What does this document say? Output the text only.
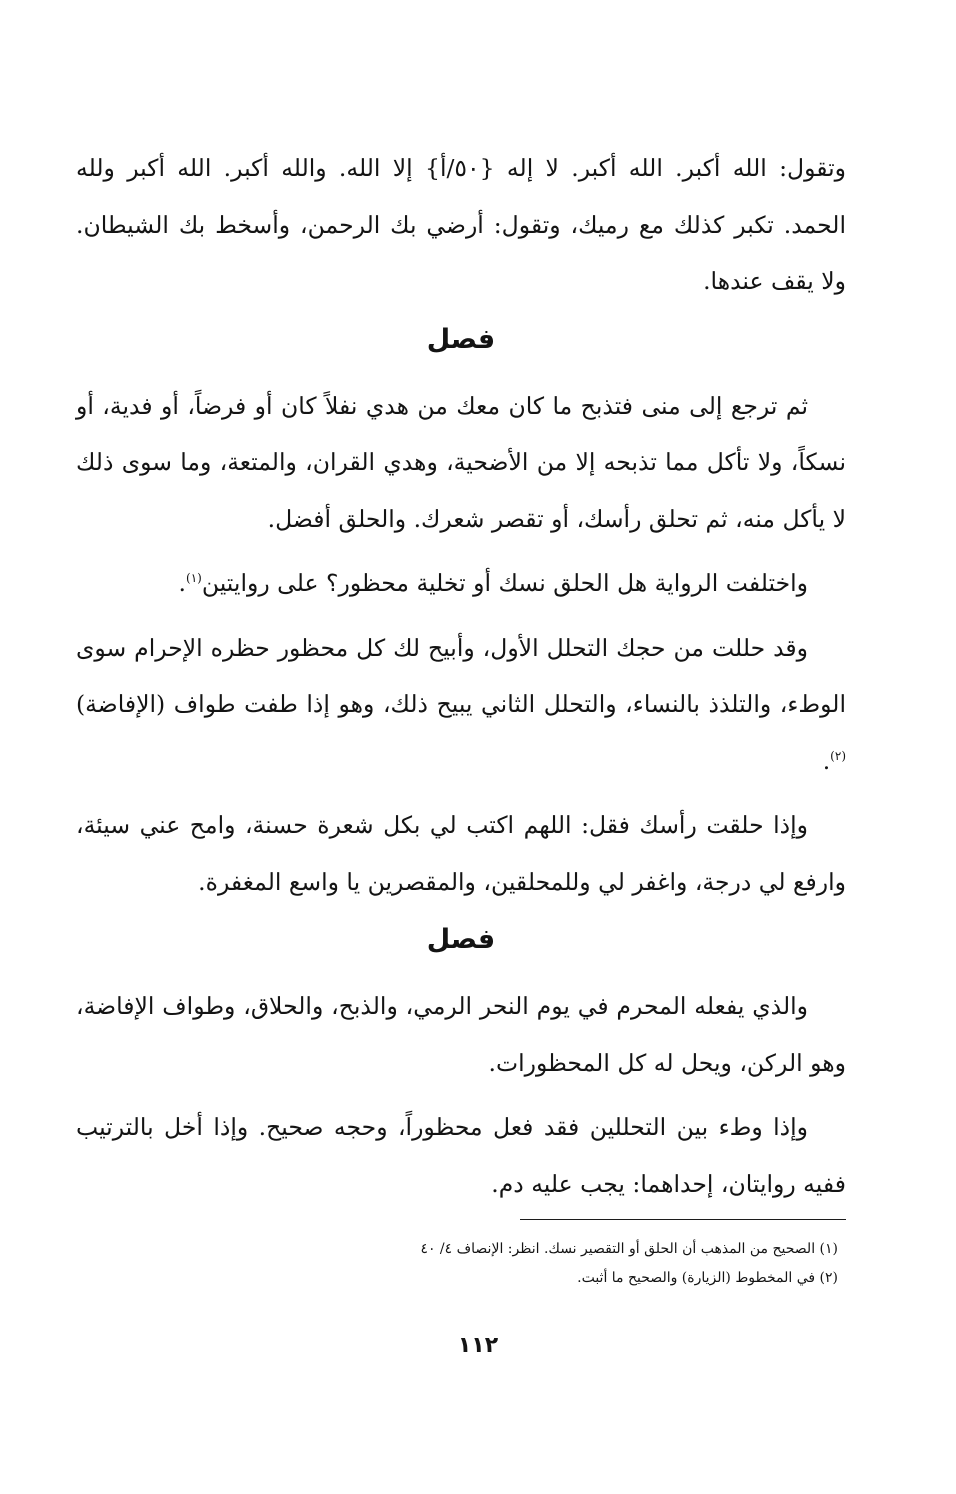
وتقول: الله أكبر. الله أكبر. لا إله {٥٠/أ} إلا الله. والله أكبر. الله أكبر ولله الحمد. تكبر كذلك مع رميك، وتقول: أرضي بك الرحمن، وأسخط بك الشيطان. ولا يقف عندها.

فصل

ثم ترجع إلى منى فتذبح ما كان معك من هدي نفلاً كان أو فرضاً، أو فدية، أو نسكاً، ولا تأكل مما تذبحه إلا من الأضحية، وهدي القران، والمتعة، وما سوى ذلك لا يأكل منه، ثم تحلق رأسك، أو تقصر شعرك. والحلق أفضل.

واختلفت الرواية هل الحلق نسك أو تخلية محظور؟ على روايتين$^{(١)}$.

وقد حللت من حجك التحلل الأول، وأبيح لك كل محظور حظره الإحرام سوى الوطء، والتلذذ بالنساء، والتحلل الثاني يبيح ذلك، وهو إذا طفت طواف (الإفاضة)$^{(٢)}$.

وإذا حلقت رأسك فقل: اللهم اكتب لي بكل شعرة حسنة، وامح عني سيئة، وارفع لي درجة، واغفر لي وللمحلقين، والمقصرين يا واسع المغفرة.

فصل

والذي يفعله المحرم في يوم النحر الرمي، والذبح، والحلاق، وطواف الإفاضة، وهو الركن، ويحل له كل المحظورات.

وإذا وطء بين التحللين فقد فعل محظوراً، وحجه صحيح. وإذا أخل بالترتيب ففيه روايتان، إحداهما: يجب عليه دم.

(١) الصحيح من المذهب أن الحلق أو التقصير نسك. انظر: الإنصاف ٤/ ٤٠

(٢) في المخطوط (الزيارة) والصحيح ما أثبت.

١١٢
